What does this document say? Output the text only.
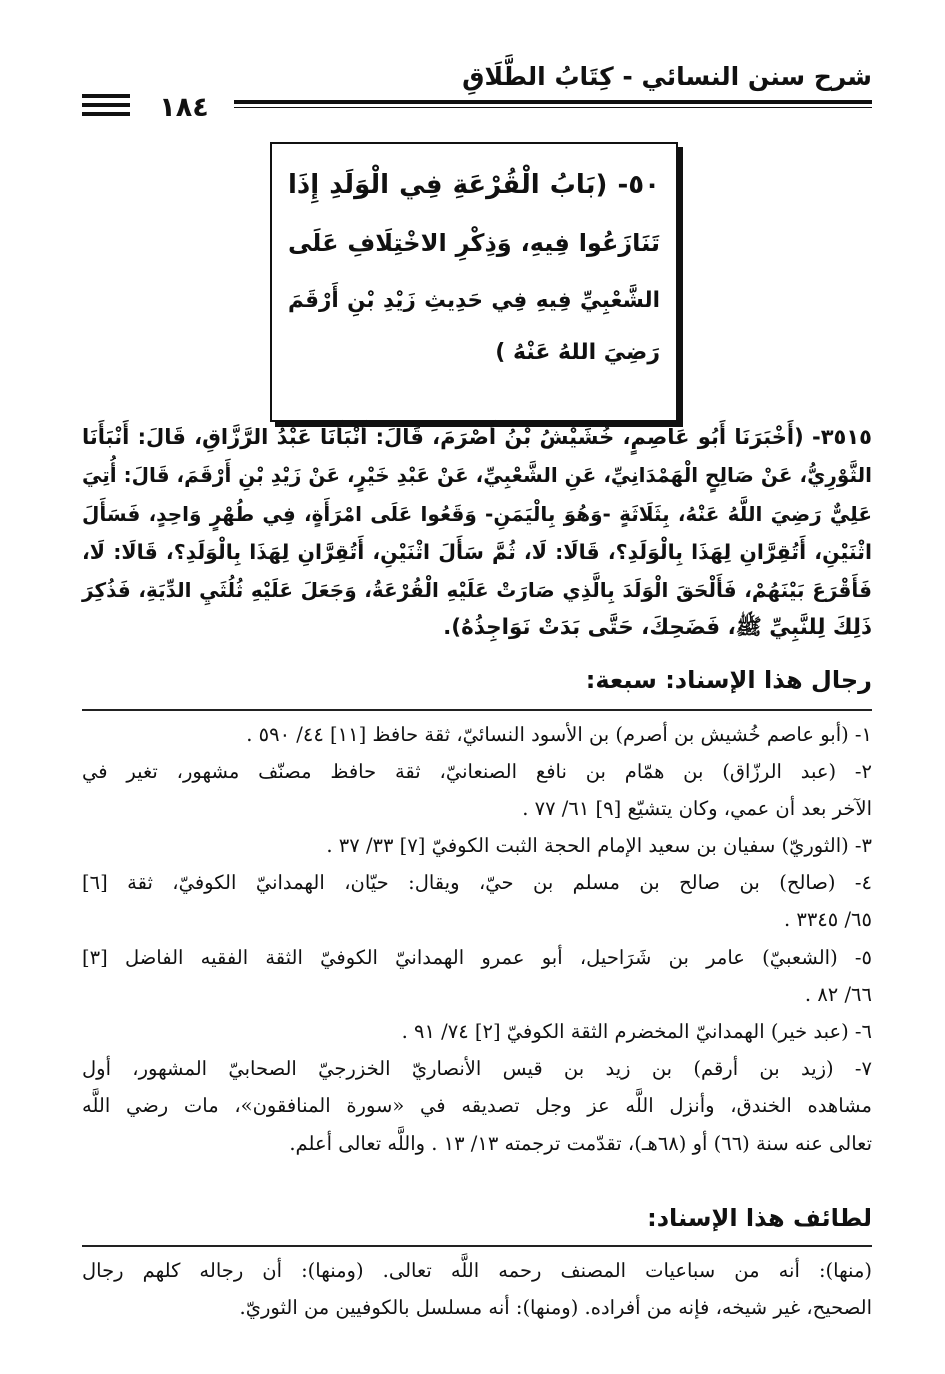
شرح سنن النسائي - كِتَابُ الطَّلَاقِ
١٨٤
٥٠- (بَابُ الْقُرْعَةِ فِي الْوَلَدِ إِذَا
تَنَازَعُوا فِيهِ، وَذِكْرِ الاخْتِلَافِ عَلَى
الشَّعْبِيِّ فِيهِ فِي حَدِيثِ زَيْدِ بْنِ أَرْقَمَ
رَضِيَ اللهُ عَنْهُ )
٣٥١٥- (أَخْبَرَنَا أَبُو عَاصِمٍ، خُشَيْشُ بْنُ أَصْرَمَ، قَالَ: أَنْبَأَنَا عَبْدُ الرَّزَّاقِ، قَالَ: أَنْبَأَنَا
الثَّوْرِيُّ، عَنْ صَالِحٍ الْهَمْدَانِيِّ، عَنِ الشَّعْبِيِّ، عَنْ عَبْدِ خَيْرٍ، عَنْ زَيْدِ بْنِ أَرْقَمَ، قَالَ: أُتِيَ
عَلِيٌّ رَضِيَ اللَّهُ عَنْهُ، بِثَلَاثَةٍ -وَهُوَ بِالْيَمَنِ- وَقَعُوا عَلَى امْرَأَةٍ، فِي طُهْرٍ وَاحِدٍ، فَسَأَلَ
اثْنَيْنِ، أَتُقِرَّانِ لِهَذَا بِالْوَلَدِ؟، قَالَا: لَا، ثُمَّ سَأَلَ اثْنَيْنِ، أَتُقِرَّانِ لِهَذَا بِالْوَلَدِ؟، قَالَا: لَا،
فَأَقْرَعَ بَيْنَهُمْ، فَأَلْحَقَ الْوَلَدَ بِالَّذِي صَارَتْ عَلَيْهِ الْقُرْعَةُ، وَجَعَلَ عَلَيْهِ ثُلُثَيِ الدِّيَةِ، فَذُكِرَ
ذَلِكَ لِلنَّبِيِّ ﷺ، فَضَحِكَ، حَتَّى بَدَتْ نَوَاجِذُهُ).
رجال هذا الإسناد: سبعة:
١- (أبو عاصم خُشيش بن أصرم) بن الأسود النسائيّ، ثقة حافظ [١١] ٤٤/ ٥٩٠ .
٢- (عبد الرزّاق) بن همّام بن نافع الصنعانيّ، ثقة حافظ مصنّف مشهور، تغير في
الآخر بعد أن عمي، وكان يتشيّع [٩] ٦١/ ٧٧ .
٣- (الثوريّ) سفيان بن سعيد الإمام الحجة الثبت الكوفيّ [٧] ٣٣/ ٣٧ .
٤- (صالح) بن صالح بن مسلم بن حيّ، ويقال: حيّان، الهمدانيّ الكوفيّ، ثقة [٦]
٦٥/ ٣٣٤٥ .
٥- (الشعبيّ) عامر بن شَرَاحيل، أبو عمرو الهمدانيّ الكوفيّ الثقة الفقيه الفاضل [٣]
٦٦/ ٨٢ .
٦- (عبد خير) الهمدانيّ المخضرم الثقة الكوفيّ [٢] ٧٤/ ٩١ .
٧- (زيد بن أرقم) بن زيد بن قيس الأنصاريّ الخزرجيّ الصحابيّ المشهور، أول
مشاهده الخندق، وأنزل اللَّه عز وجل تصديقه في «سورة المنافقون»، مات رضي اللَّه
تعالى عنه سنة (٦٦) أو (٦٨هـ)، تقدّمت ترجمته ١٣/ ١٣ . واللَّه تعالى أعلم.
لطائف هذا الإسناد:
(منها): أنه من سباعيات المصنف رحمه اللَّه تعالى. (ومنها): أن رجاله كلهم رجال
الصحيح، غير شيخه، فإنه من أفراده. (ومنها): أنه مسلسل بالكوفيين من الثوريّ.
